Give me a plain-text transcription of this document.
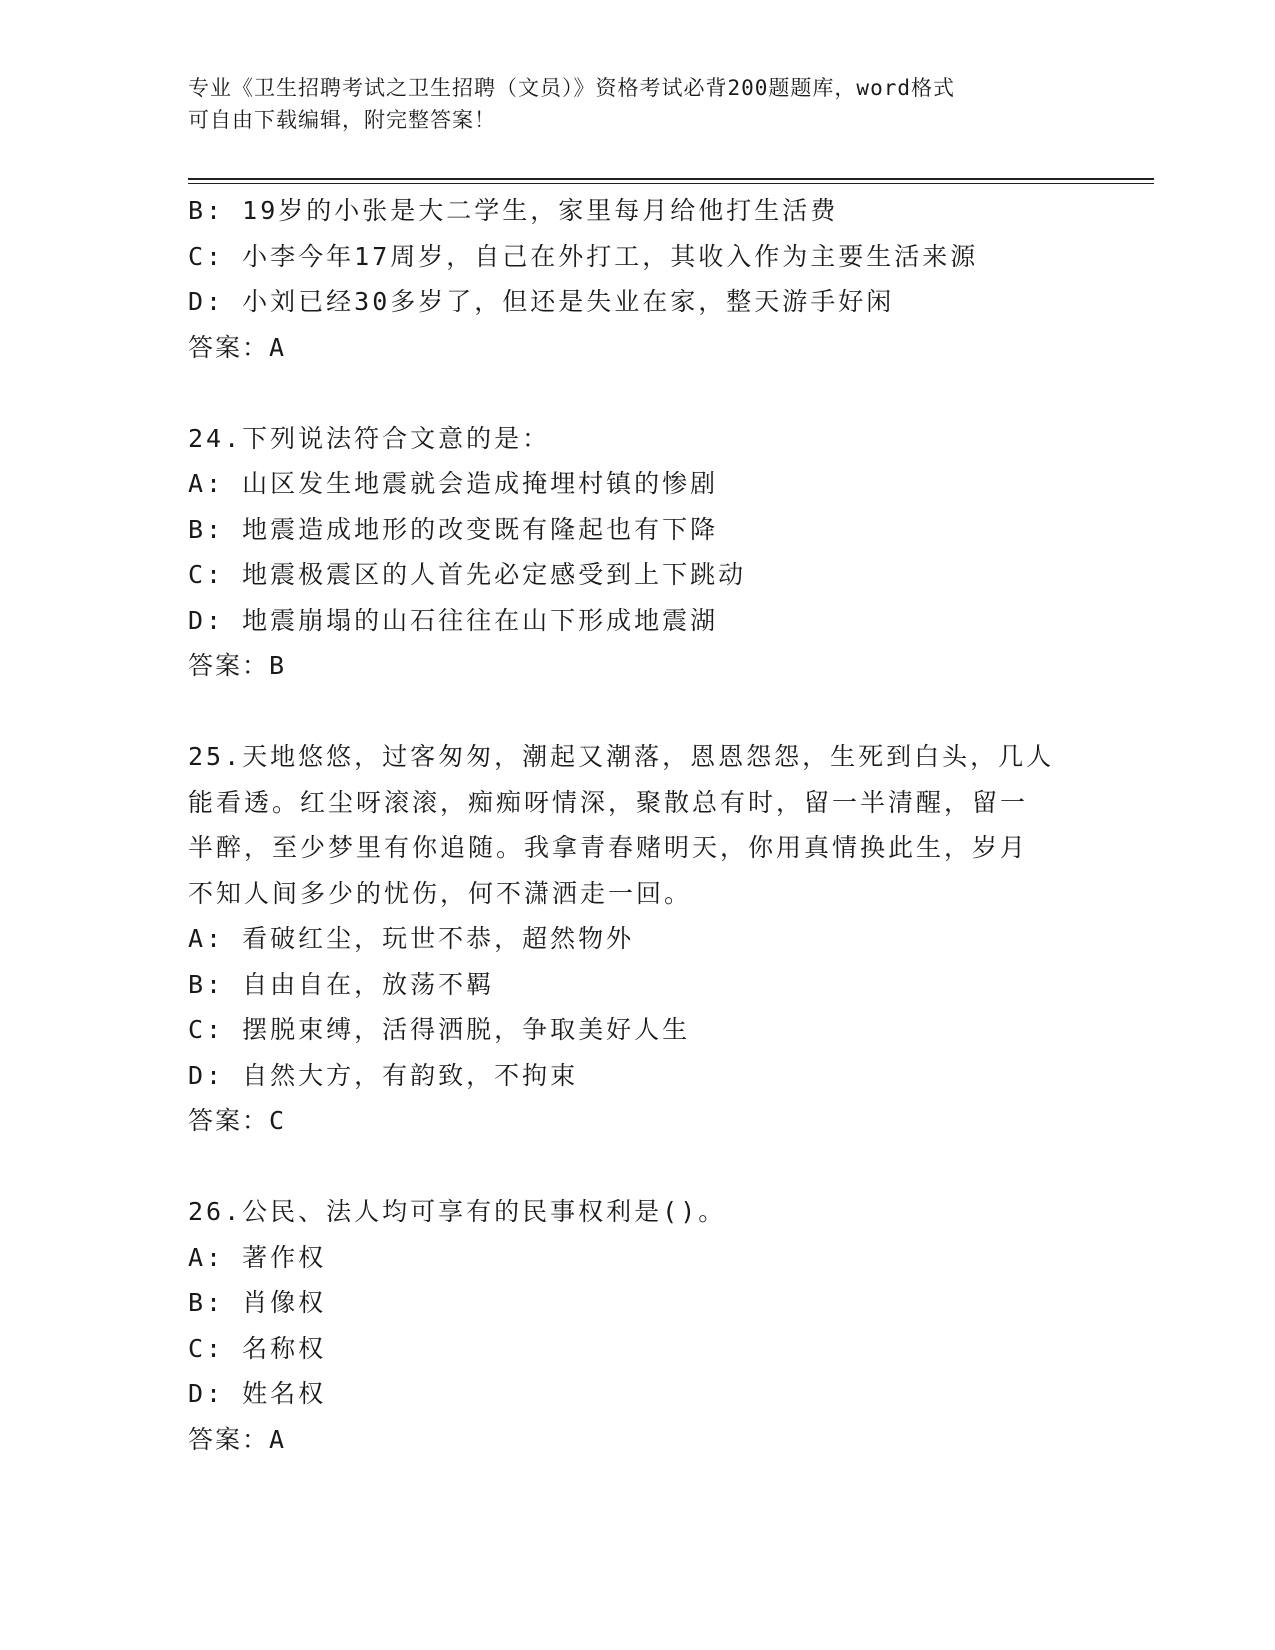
专业《卫生招聘考试之卫生招聘（文员）》资格考试必背200题题库，word格式
可自由下载编辑，附完整答案！
B: 19岁的小张是大二学生，家里每月给他打生活费
C: 小李今年17周岁，自己在外打工，其收入作为主要生活来源
D: 小刘已经30多岁了，但还是失业在家，整天游手好闲
答案：A
24.下列说法符合文意的是：
A: 山区发生地震就会造成掩埋村镇的惨剧
B: 地震造成地形的改变既有隆起也有下降
C: 地震极震区的人首先必定感受到上下跳动
D: 地震崩塌的山石往往在山下形成地震湖
答案：B
25.天地悠悠，过客匆匆，潮起又潮落，恩恩怨怨，生死到白头，几人
能看透。红尘呀滚滚，痴痴呀情深，聚散总有时，留一半清醒，留一
半醉，至少梦里有你追随。我拿青春赌明天，你用真情换此生，岁月
不知人间多少的忧伤，何不潇洒走一回。
A: 看破红尘，玩世不恭，超然物外
B: 自由自在，放荡不羁
C: 摆脱束缚，活得洒脱，争取美好人生
D: 自然大方，有韵致，不拘束
答案：C
26.公民、法人均可享有的民事权利是()。
A: 著作权
B: 肖像权
C: 名称权
D: 姓名权
答案：A
